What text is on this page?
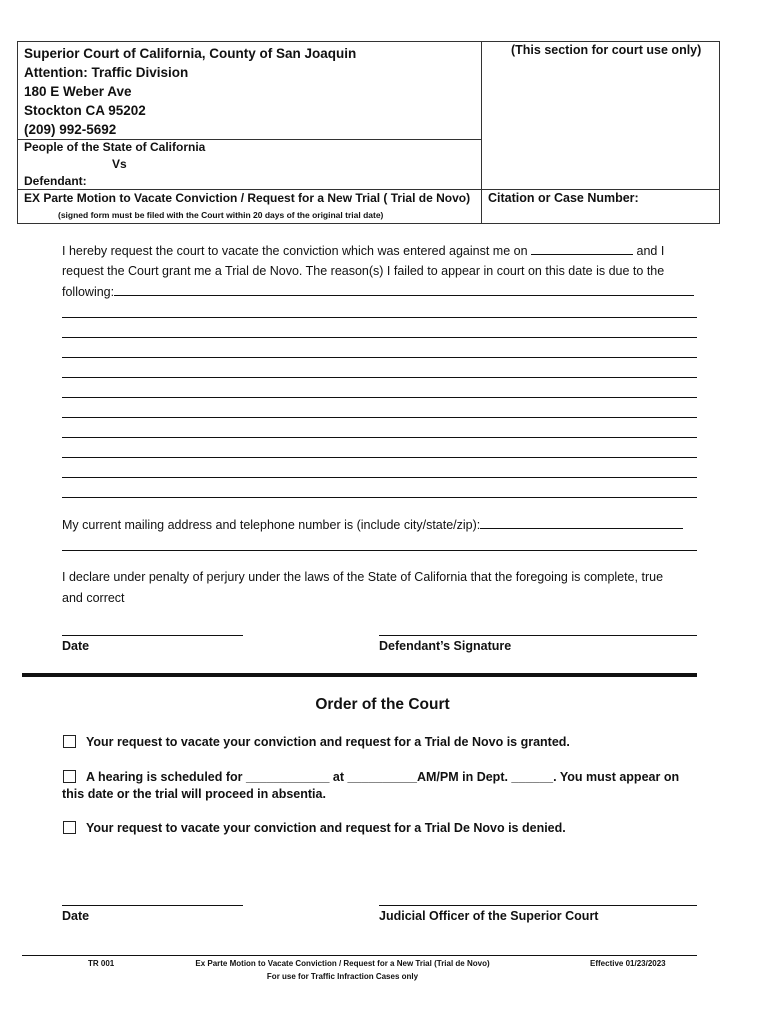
Superior Court of California, County of San Joaquin
Attention: Traffic Division
180 E Weber Ave
Stockton CA 95202
(209) 992-5692
(This section for court use only)
People of the State of California
Vs
Defendant:
EX Parte Motion to Vacate Conviction / Request for a New Trial ( Trial de Novo)
(signed form must be filed with the Court within 20 days of the original trial date)
Citation or Case Number:
I hereby request the court to vacate the conviction which was entered against me on	and I
request the Court grant me a Trial de Novo. The reason(s) I failed to appear in court on this date is due to the
following:
My current mailing address and telephone number is (include city/state/zip):
I declare under penalty of perjury under the laws of the State of California that the foregoing is complete, true
and correct
Date	Defendant’s Signature
Order of the Court
Your request to vacate your conviction and request for a Trial de Novo is granted.
A hearing is scheduled for ____________ at __________AM/PM in Dept. ______. You must appear on
this date or the trial will proceed in absentia.
Your request to vacate your conviction and request for a Trial De Novo is denied.
Date	Judicial Officer of the Superior Court
TR 001	Ex Parte Motion to Vacate Conviction / Request for a New Trial (Trial de Novo)
For use for Traffic Infraction Cases only
Effective 01/23/2023
